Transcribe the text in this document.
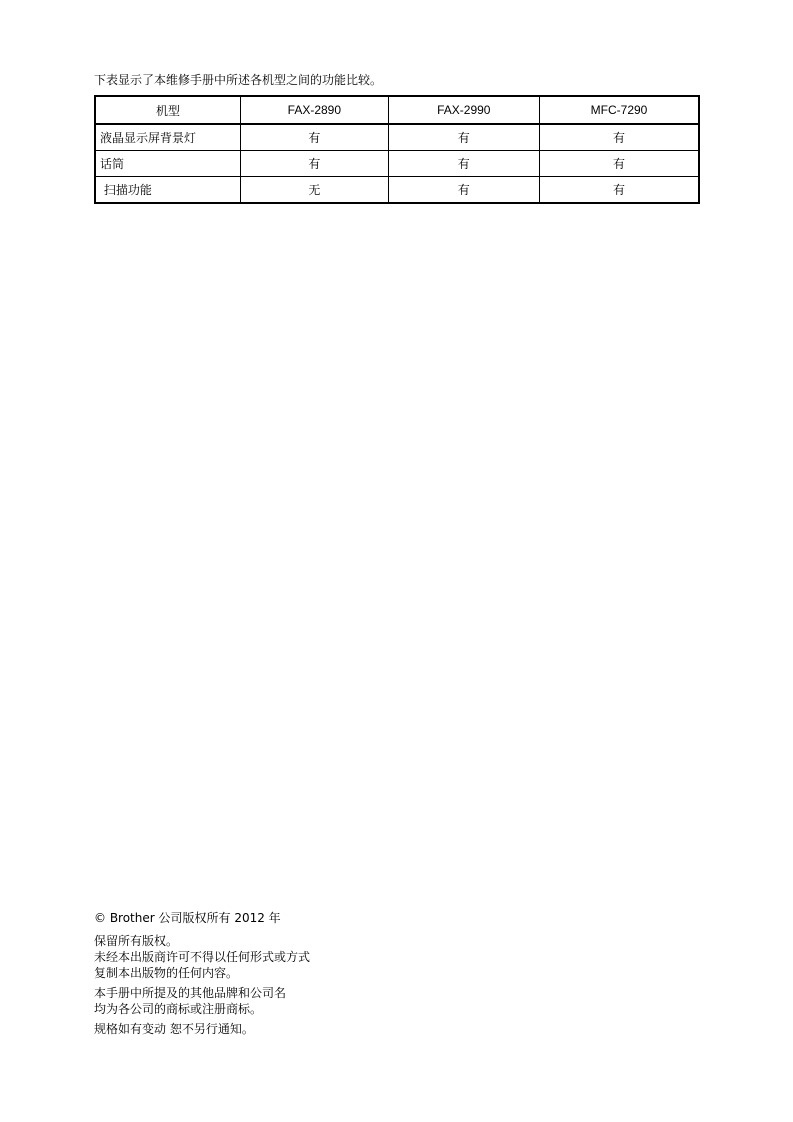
下表显示了本维修手册中所述各机型之间的功能比较。
机型	FAX-2890	FAX-2990	MFC-7290
液晶显示屏背景灯	有	有	有
话筒	有	有	有
扫描功能	无	有	有
© Brother 公司版权所有 2012 年
保留所有版权。
未经本出版商许可不得以任何形式或方式
复制本出版物的任何内容。
本手册中所提及的其他品牌和公司名
均为各公司的商标或注册商标。
规格如有变动 恕不另行通知。
